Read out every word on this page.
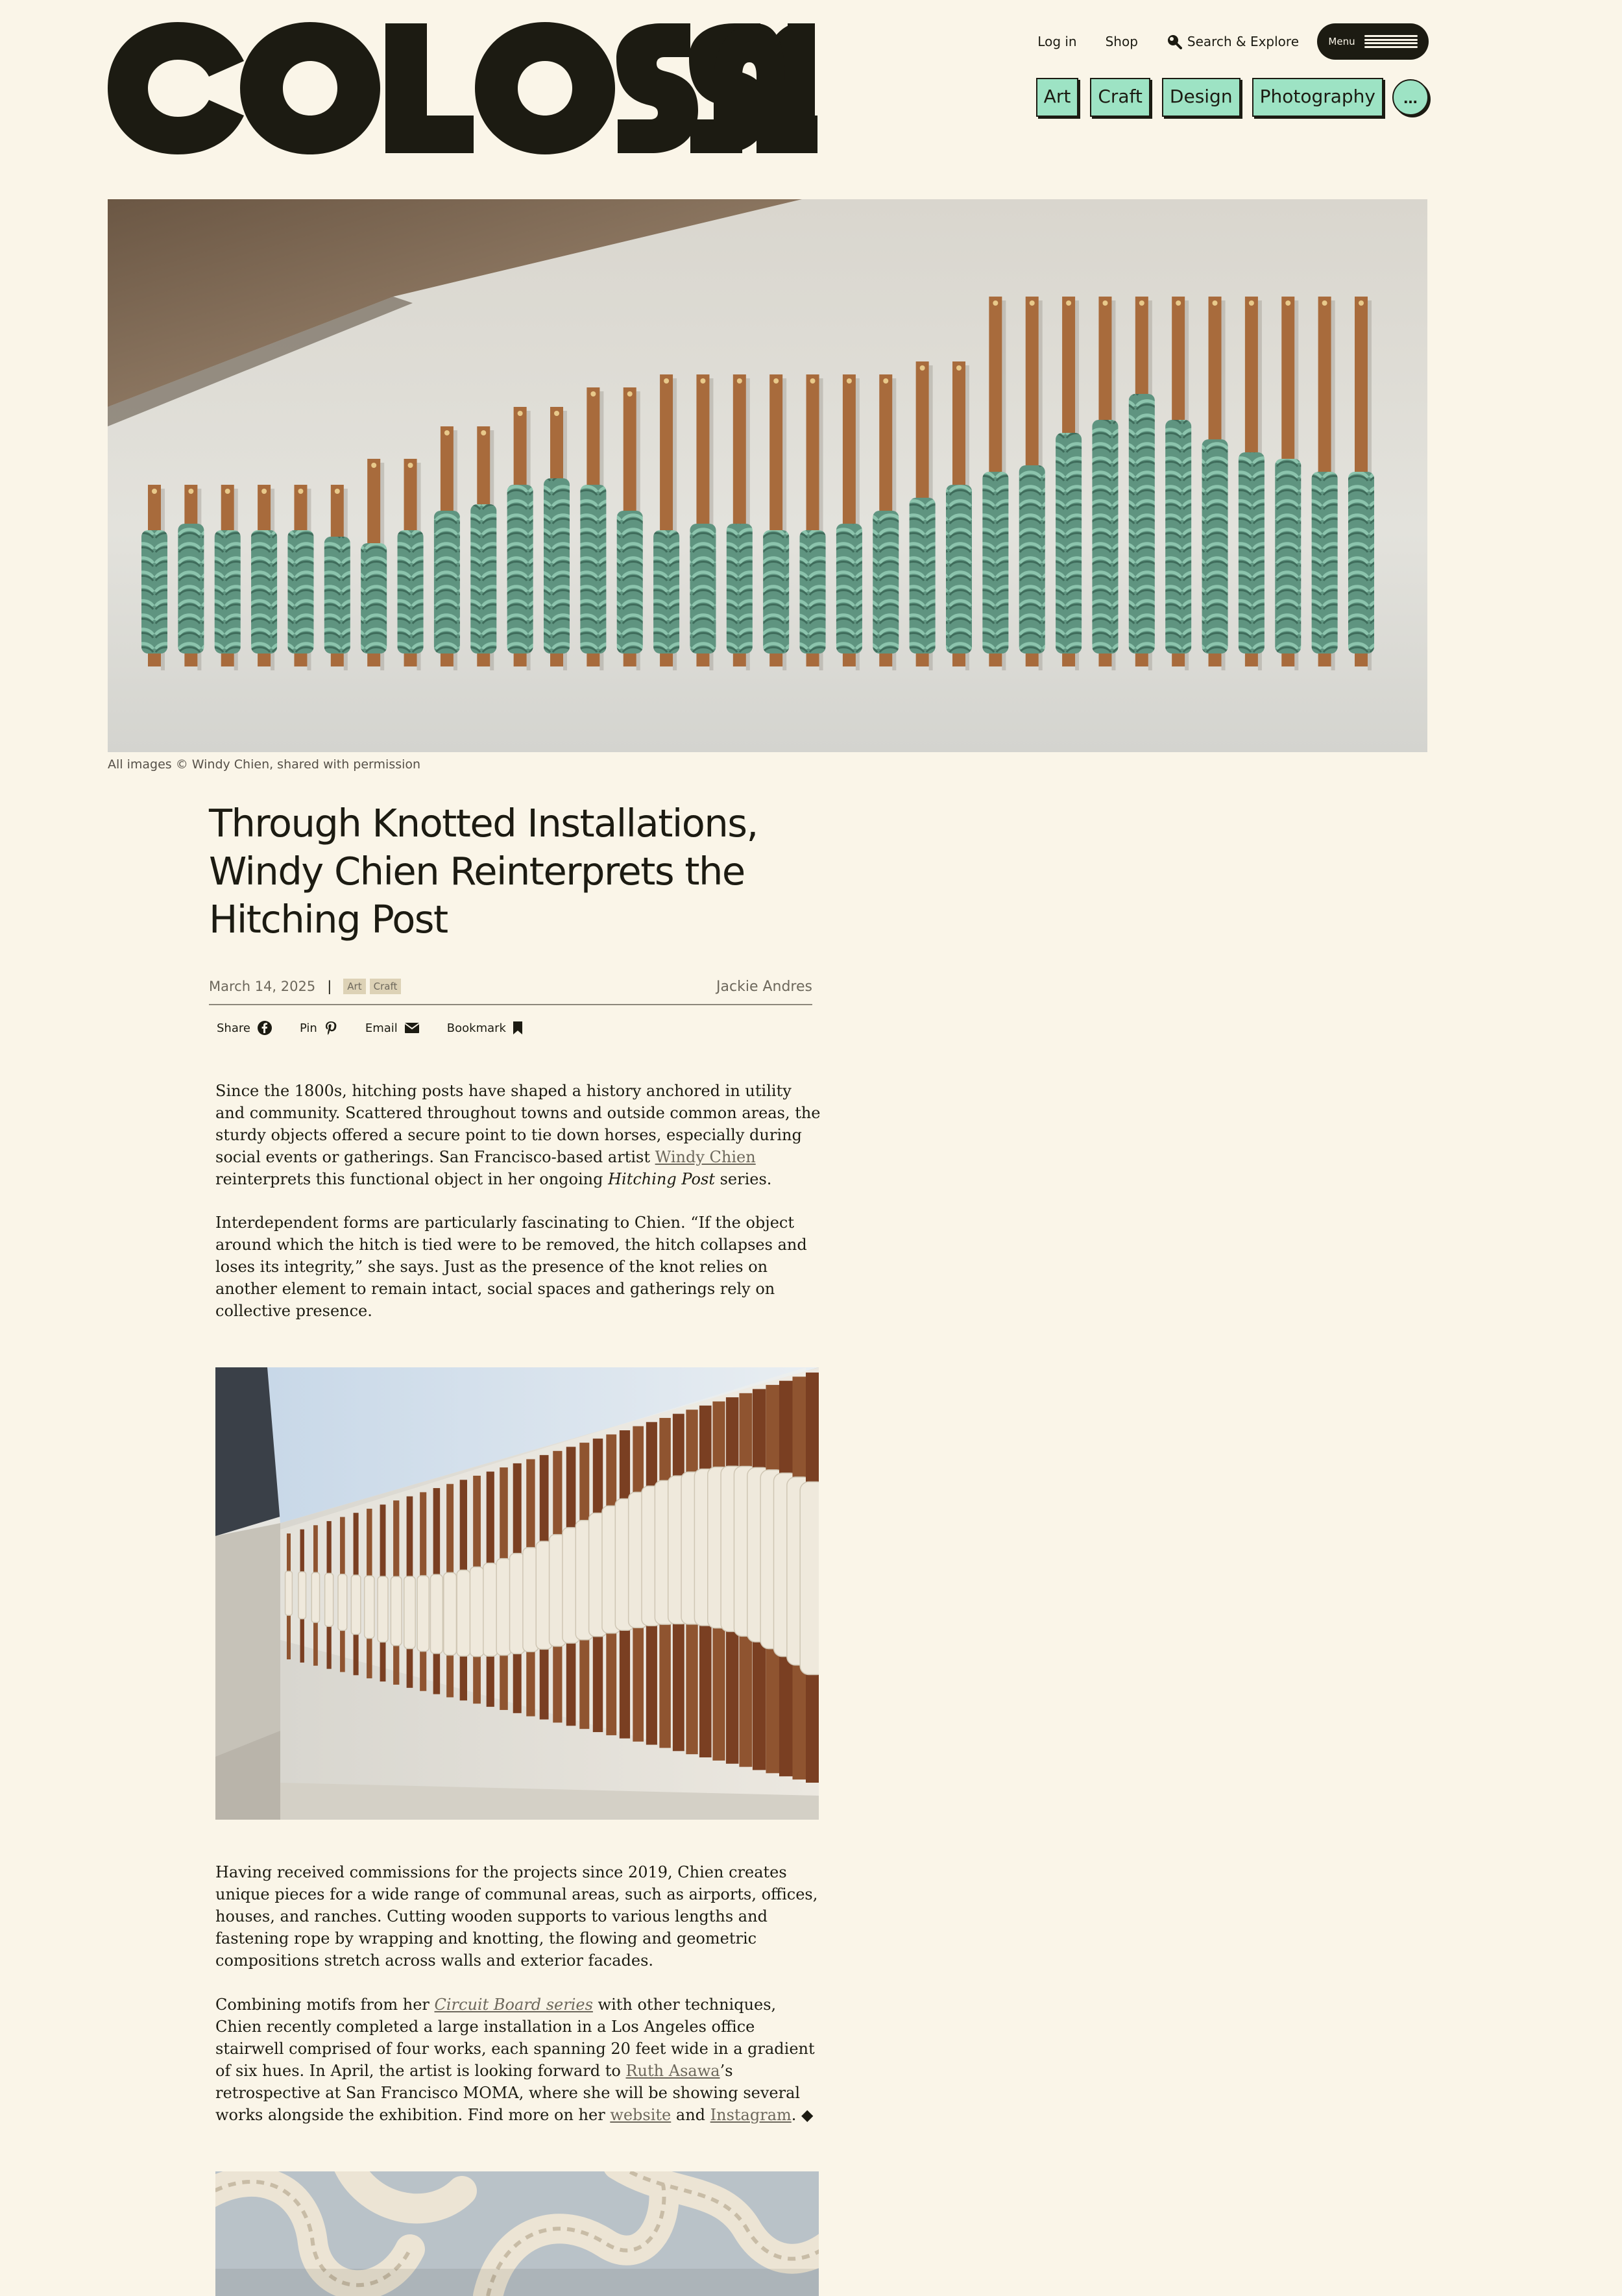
Log in Shop	Search & Explore	Menu
Art	Craft	Design	Photography	...
All images © Windy Chien, shared with permission
Through Knotted Installations, Windy Chien Reinterprets the Hitching Post
March 14, 2025 |	Art	Craft	Jackie Andres
Share	Pin	Email	Bookmark

Since the 1800s, hitching posts have shaped a history anchored in utility and community. Scattered throughout towns and outside common areas, the sturdy objects offered a secure point to tie down horses, especially during social events or gatherings. San Francisco-based artist Windy Chien reinterprets this functional object in her ongoing Hitching Post series.

Interdependent forms are particularly fascinating to Chien. “If the object around which the hitch is tied were to be removed, the hitch collapses and loses its integrity,” she says. Just as the presence of the knot relies on another element to remain intact, social spaces and gatherings rely on collective presence.

Having received commissions for the projects since 2019, Chien creates unique pieces for a wide range of communal areas, such as airports, offices, houses, and ranches. Cutting wooden supports to various lengths and fastening rope by wrapping and knotting, the flowing and geometric compositions stretch across walls and exterior facades.

Combining motifs from her Circuit Board series with other techniques, Chien recently completed a large installation in a Los Angeles office stairwell comprised of four works, each spanning 20 feet wide in a gradient of six hues. In April, the artist is looking forward to Ruth Asawa’s retrospective at San Francisco MOMA, where she will be showing several works alongside the exhibition. Find more on her website and Instagram. ◆
